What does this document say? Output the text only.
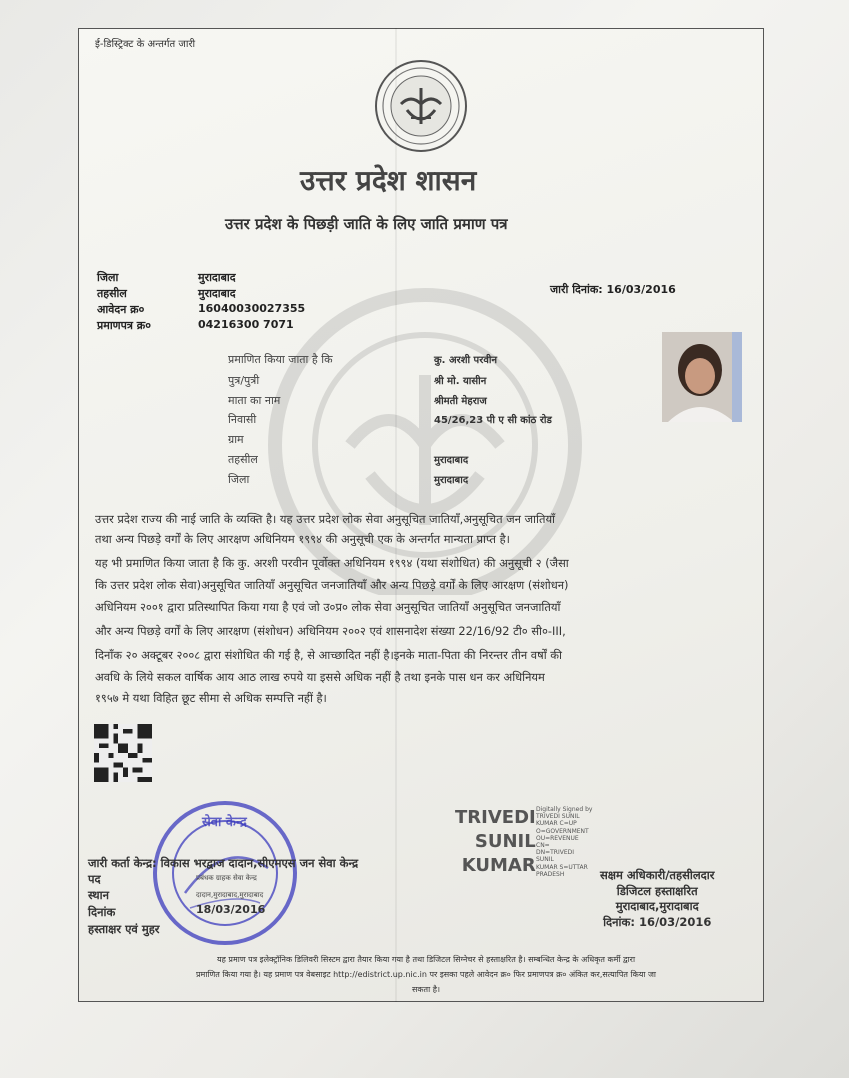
ई-डिस्ट्रिक्ट के अन्तर्गत जारी
उत्तर प्रदेश शासन
उत्तर प्रदेश के पिछड़ी जाति के लिए जाति प्रमाण पत्र
जिला	मुरादाबाद
तहसील	मुरादाबाद
आवेदन क्र०	16040030027355
प्रमाणपत्र क्र०	04216300 7071
जारी दिनांक: 16/03/2016
प्रमाणित किया जाता है कि	कु. अरशी परवीन
पुत्र/पुत्री	श्री मो. यासीन
माता का नाम	श्रीमती मेहराज
निवासी	45/26,23 पी ए सी कांठ रोड
ग्राम
तहसील	मुरादाबाद
जिला	मुरादाबाद
उत्तर प्रदेश राज्य की नाई जाति के व्यक्ति है। यह उत्तर प्रदेश लोक सेवा अनुसूचित जातियाँ,अनुसूचित जन जातियाँ
तथा अन्य पिछड़े वर्गों के लिए आरक्षण अधिनियम १९९४ की अनुसूची एक के अन्तर्गत मान्यता प्राप्त है।
यह भी प्रमाणित किया जाता है कि कु. अरशी परवीन पूर्वोक्त अधिनियम १९९४ (यथा संशोधित) की अनुसूची २ (जैसा
कि उत्तर प्रदेश लोक सेवा)अनुसूचित जातियाँ अनुसूचित जनजातियाँ और अन्य पिछड़े वर्गों के लिए आरक्षण (संशोधन)
अधिनियम २००१ द्वारा प्रतिस्थापित किया गया है एवं जो उ०प्र० लोक सेवा अनुसूचित जातियाँ अनुसूचित जनजातियाँ
और अन्य पिछड़े वर्गों के लिए आरक्षण (संशोधन) अधिनियम २००२ एवं शासनादेश संख्या 22/16/92 टी० सी०-III,
दिनाँक २० अक्टूबर २००८ द्वारा संशोधित की गई है, से आच्छादित नहीं है।इनके माता-पिता की निरन्तर तीन वर्षों की
अवधि के लिये सकल वार्षिक आय आठ लाख रुपये या इससे अधिक नहीं है तथा इनके पास धन कर अधिनियम
१९५७ मे यथा विहित छूट सीमा से अधिक सम्पत्ति नहीं है।
सेवा केन्द्र	TRIVEDI
SUNIL
KUMAR
Digitally Signed by
TRIVEDI SUNIL
KUMAR C=UP
O=GOVERNMENT
OU=REVENUE
CN=
DN=TRIVEDI
SUNIL
KUMAR S=UTTAR
PRADESH
जारी कर्ता केन्द्र: विकास भरद्वाज दादान,सीएमएस जन सेवा केन्द्र
पद	प्रबंधक ग्राहक सेवा केन्द्र
स्थान	दादान,मुरादाबाद,मुरादाबाद
दिनांक	18/03/2016
हस्ताक्षर एवं मुहर
सक्षम अधिकारी/तहसीलदार
डिजिटल हस्ताक्षरित
मुरादाबाद,मुरादाबाद
दिनांक: 16/03/2016
यह प्रमाण पत्र इलेक्ट्रॉनिक डिलिवरी सिस्टम द्वारा तैयार किया गया है तथा डिजिटल सिग्नेचर से हस्ताक्षरित है। सम्बन्धित केन्द्र के अधिकृत कर्मी द्वारा
प्रमाणित किया गया है। यह प्रमाण पत्र वेबसाइट http://edistrict.up.nic.in पर इसका पहले आवेदन क्र० फिर प्रमाणपत्र क्र० अंकित कर,सत्यापित किया जा
सकता है।
